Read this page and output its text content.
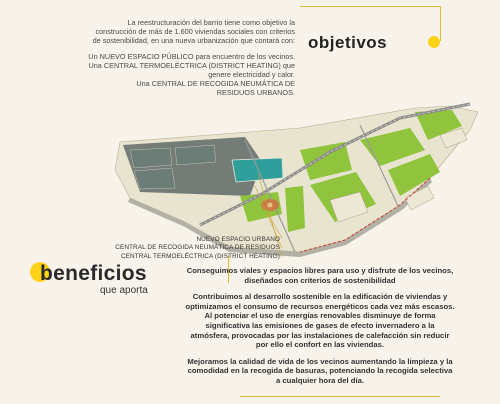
La reestructuración del barrio tiene como objetivo la
construcción de más de 1.600 viviendas sociales con criterios
de sostenibilidad, en una nueva urbanización que contará con:

Un NUEVO ESPACIO PÚBLICO para encuentro de los vecinos.
Una CENTRAL TERMOELÉCTRICA (DISTRICT HEATING) que
genere electricidad y calor.
Una CENTRAL DE RECOGIDA NEUMÁTICA DE
RESIDUOS URBANOS.

objetivos
NUEVO ESPACIO URBANO
CENTRAL DE RECOGIDA NEUMÁTICA DE RESIDUOS
CENTRAL TERMOELÉCTRICA (DISTRICT HEATING)
beneficios
que aporta

Conseguimos viales y espacios libres para uso y disfrute de los vecinos, diseñados con criterios de sostenibilidad

Contribuimos al desarrollo sostenible en la edificación de viviendas y optimizamos el consumo de recursos energéticos cada vez más escasos. Al potenciar el uso de energías renovables disminuye de forma significativa las emisiones de gases de efecto invernadero a la atmósfera, provocadas por las instalaciones de calefacción sin reducir por ello el confort en las viviendas.

Mejoramos la calidad de vida de los vecinos aumentando la limpieza y la comodidad en la recogida de basuras, potenciando la recogida selectiva a cualquier hora del día.
